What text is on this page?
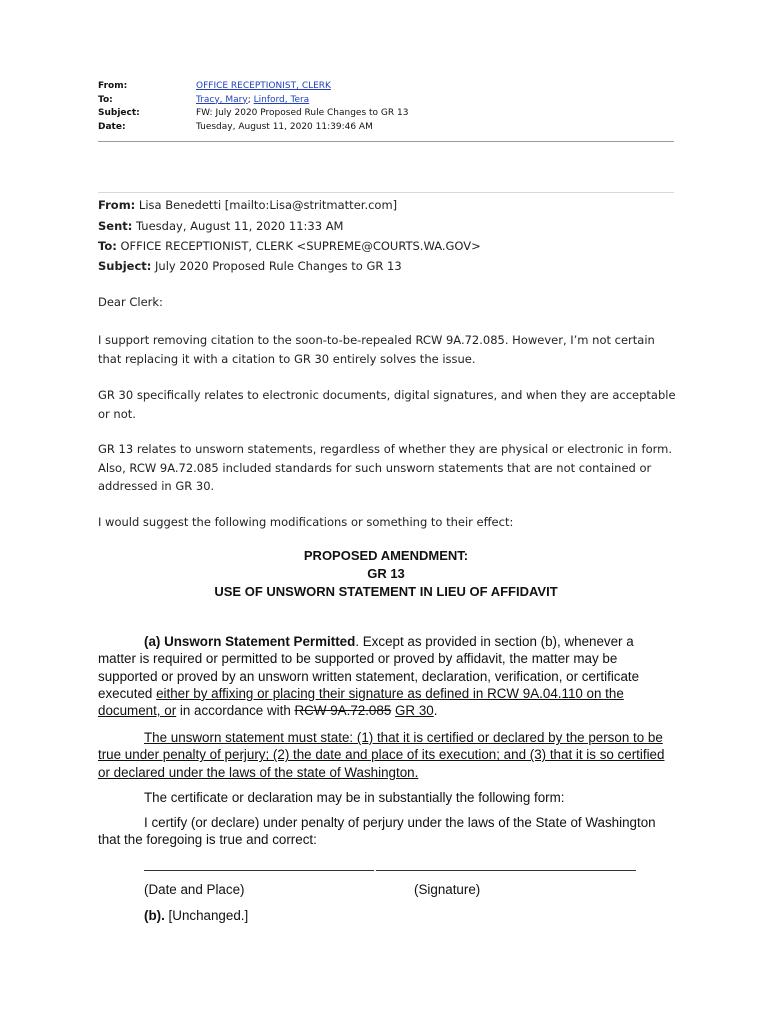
From:	OFFICE RECEPTIONIST, CLERK
To:	Tracy, Mary; Linford, Tera
Subject:	FW: July 2020 Proposed Rule Changes to GR 13
Date:	Tuesday, August 11, 2020 11:39:46 AM
From: Lisa Benedetti [mailto:Lisa@stritmatter.com]
Sent: Tuesday, August 11, 2020 11:33 AM
To: OFFICE RECEPTIONIST, CLERK <SUPREME@COURTS.WA.GOV>
Subject: July 2020 Proposed Rule Changes to GR 13
Dear Clerk:
I support removing citation to the soon-to-be-repealed RCW 9A.72.085. However, I’m not certain that replacing it with a citation to GR 30 entirely solves the issue.
GR 30 specifically relates to electronic documents, digital signatures, and when they are acceptable or not.
GR 13 relates to unsworn statements, regardless of whether they are physical or electronic in form. Also, RCW 9A.72.085 included standards for such unsworn statements that are not contained or addressed in GR 30.
I would suggest the following modifications or something to their effect:
PROPOSED AMENDMENT:
GR 13
USE OF UNSWORN STATEMENT IN LIEU OF AFFIDAVIT
(a) Unsworn Statement Permitted. Except as provided in section (b), whenever a matter is required or permitted to be supported or proved by affidavit, the matter may be supported or proved by an unsworn written statement, declaration, verification, or certificate executed either by affixing or placing their signature as defined in RCW 9A.04.110 on the document, or in accordance with RCW 9A.72.085 GR 30.
The unsworn statement must state: (1) that it is certified or declared by the person to be true under penalty of perjury; (2) the date and place of its execution; and (3) that it is so certified or declared under the laws of the state of Washington.
The certificate or declaration may be in substantially the following form:
I certify (or declare) under penalty of perjury under the laws of the State of Washington that the foregoing is true and correct:
(Date and Place)	(Signature)
(b). [Unchanged.]
